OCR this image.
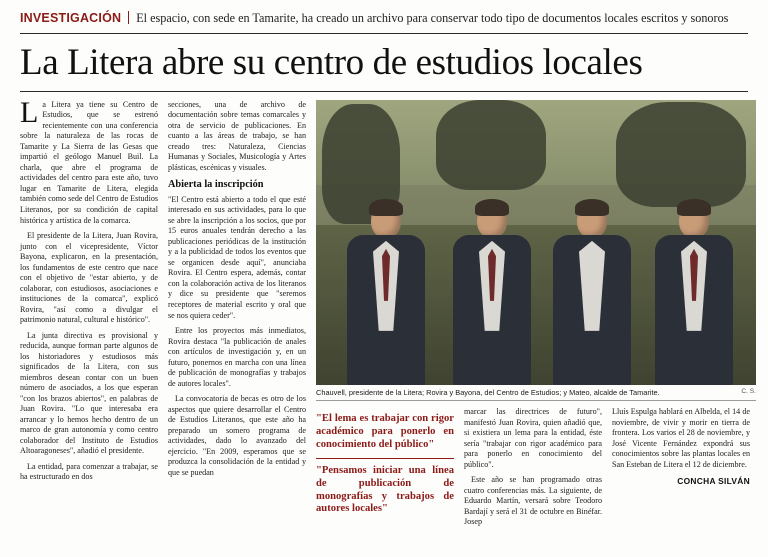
INVESTIGACIÓN El espacio, con sede en Tamarite, ha creado un archivo para conservar todo tipo de documentos locales escritos y sonoros
La Litera abre su centro de estudios locales

La Litera ya tiene su Centro de Estudios, que se estrenó recientemente con una conferencia sobre la naturaleza de las rocas de Tamarite y La Sierra de las Gesas que impartió el geólogo Manuel Buil. La charla, que abre el programa de actividades del centro para este año, tuvo lugar en Tamarite de Litera, elegida también como sede del Centro de Estudios Literanos, por su condición de capital histórica y artística de la comarca.

El presidente de la Litera, Juan Rovira, junto con el vicepresidente, Víctor Bayona, explicaron, en la presentación, los fundamentos de este centro que nace con el objetivo de "estar abierto, y de colaborar, con estudiosos, asociaciones e instituciones de la comarca", explicó Rovira, "así como a divulgar el patrimonio natural, cultural e histórico".

La junta directiva es provisional y reducida, aunque forman parte algunos de los historiadores y estudiosos más significados de la Litera, con sus miembros desean contar con un buen número de asociados, a los que esperan "con los brazos abiertos", en palabras de Juan Rovira. "Lo que interesaba era arrancar y lo hemos hecho dentro de un marco de gran autonomía y como centro colaborador del Instituto de Estudios Altoaragoneses", añadió el presidente.

La entidad, para comenzar a trabajar, se ha estructurado en dos

secciones, una de archivo de documentación sobre temas comarcales y otra de servicio de publicaciones. En cuanto a las áreas de trabajo, se han creado tres: Naturaleza, Ciencias Humanas y Sociales, Musicología y Artes plásticas, escénicas y visuales.

Abierta la inscripción

"El Centro está abierto a todo el que esté interesado en sus actividades, para lo que se abre la inscripción a los socios, que por 15 euros anuales tendrán derecho a las publicaciones periódicas de la institución y a la publicidad de todos los eventos que se organicen desde aquí", anunciaba Rovira. El Centro espera, además, contar con la colaboración activa de los literanos y dice su presidente que "seremos receptores de material escrito y oral que se nos quiera ceder".

Entre los proyectos más inmediatos, Rovira destaca "la publicación de anales con artículos de investigación y, en un futuro, ponernos en marcha con una línea de publicación de monografías y trabajos de autores locales".

La convocatoria de becas es otro de los aspectos que quiere desarrollar el Centro de Estudios Literanos, que este año ha preparado un somero programa de actividades, dado lo avanzado del ejercicio. "En 2009, esperamos que se produzca la consolidación de la entidad y que se puedan

Chauvell, presidente de la Litera; Rovira y Bayona, del Centro de Estudios; y Mateo, alcalde de Tamarite.	C. S.
"El lema es trabajar con rigor académico para ponerlo en conocimiento del público"
"Pensamos iniciar una línea de publicación de monografías y trabajos de autores locales"

marcar las directrices de futuro", manifestó Juan Rovira, quien añadió que, si existiera un lema para la entidad, éste sería "trabajar con rigor académico para para ponerlo en conocimiento del público".

Este año se han programado otras cuatro conferencias más. La siguiente, de Eduardo Martín, versará sobre Teodoro Bardají y será el 31 de octubre en Binéfar. Josep

Lluís Espulga hablará en Albelda, el 14 de noviembre, de vivir y morir en tierra de frontera. Los varios el 28 de noviembre, y José Vicente Fernández expondrá sus conocimientos sobre las plantas locales en San Esteban de Litera el 12 de diciembre.

CONCHA SILVÁN
